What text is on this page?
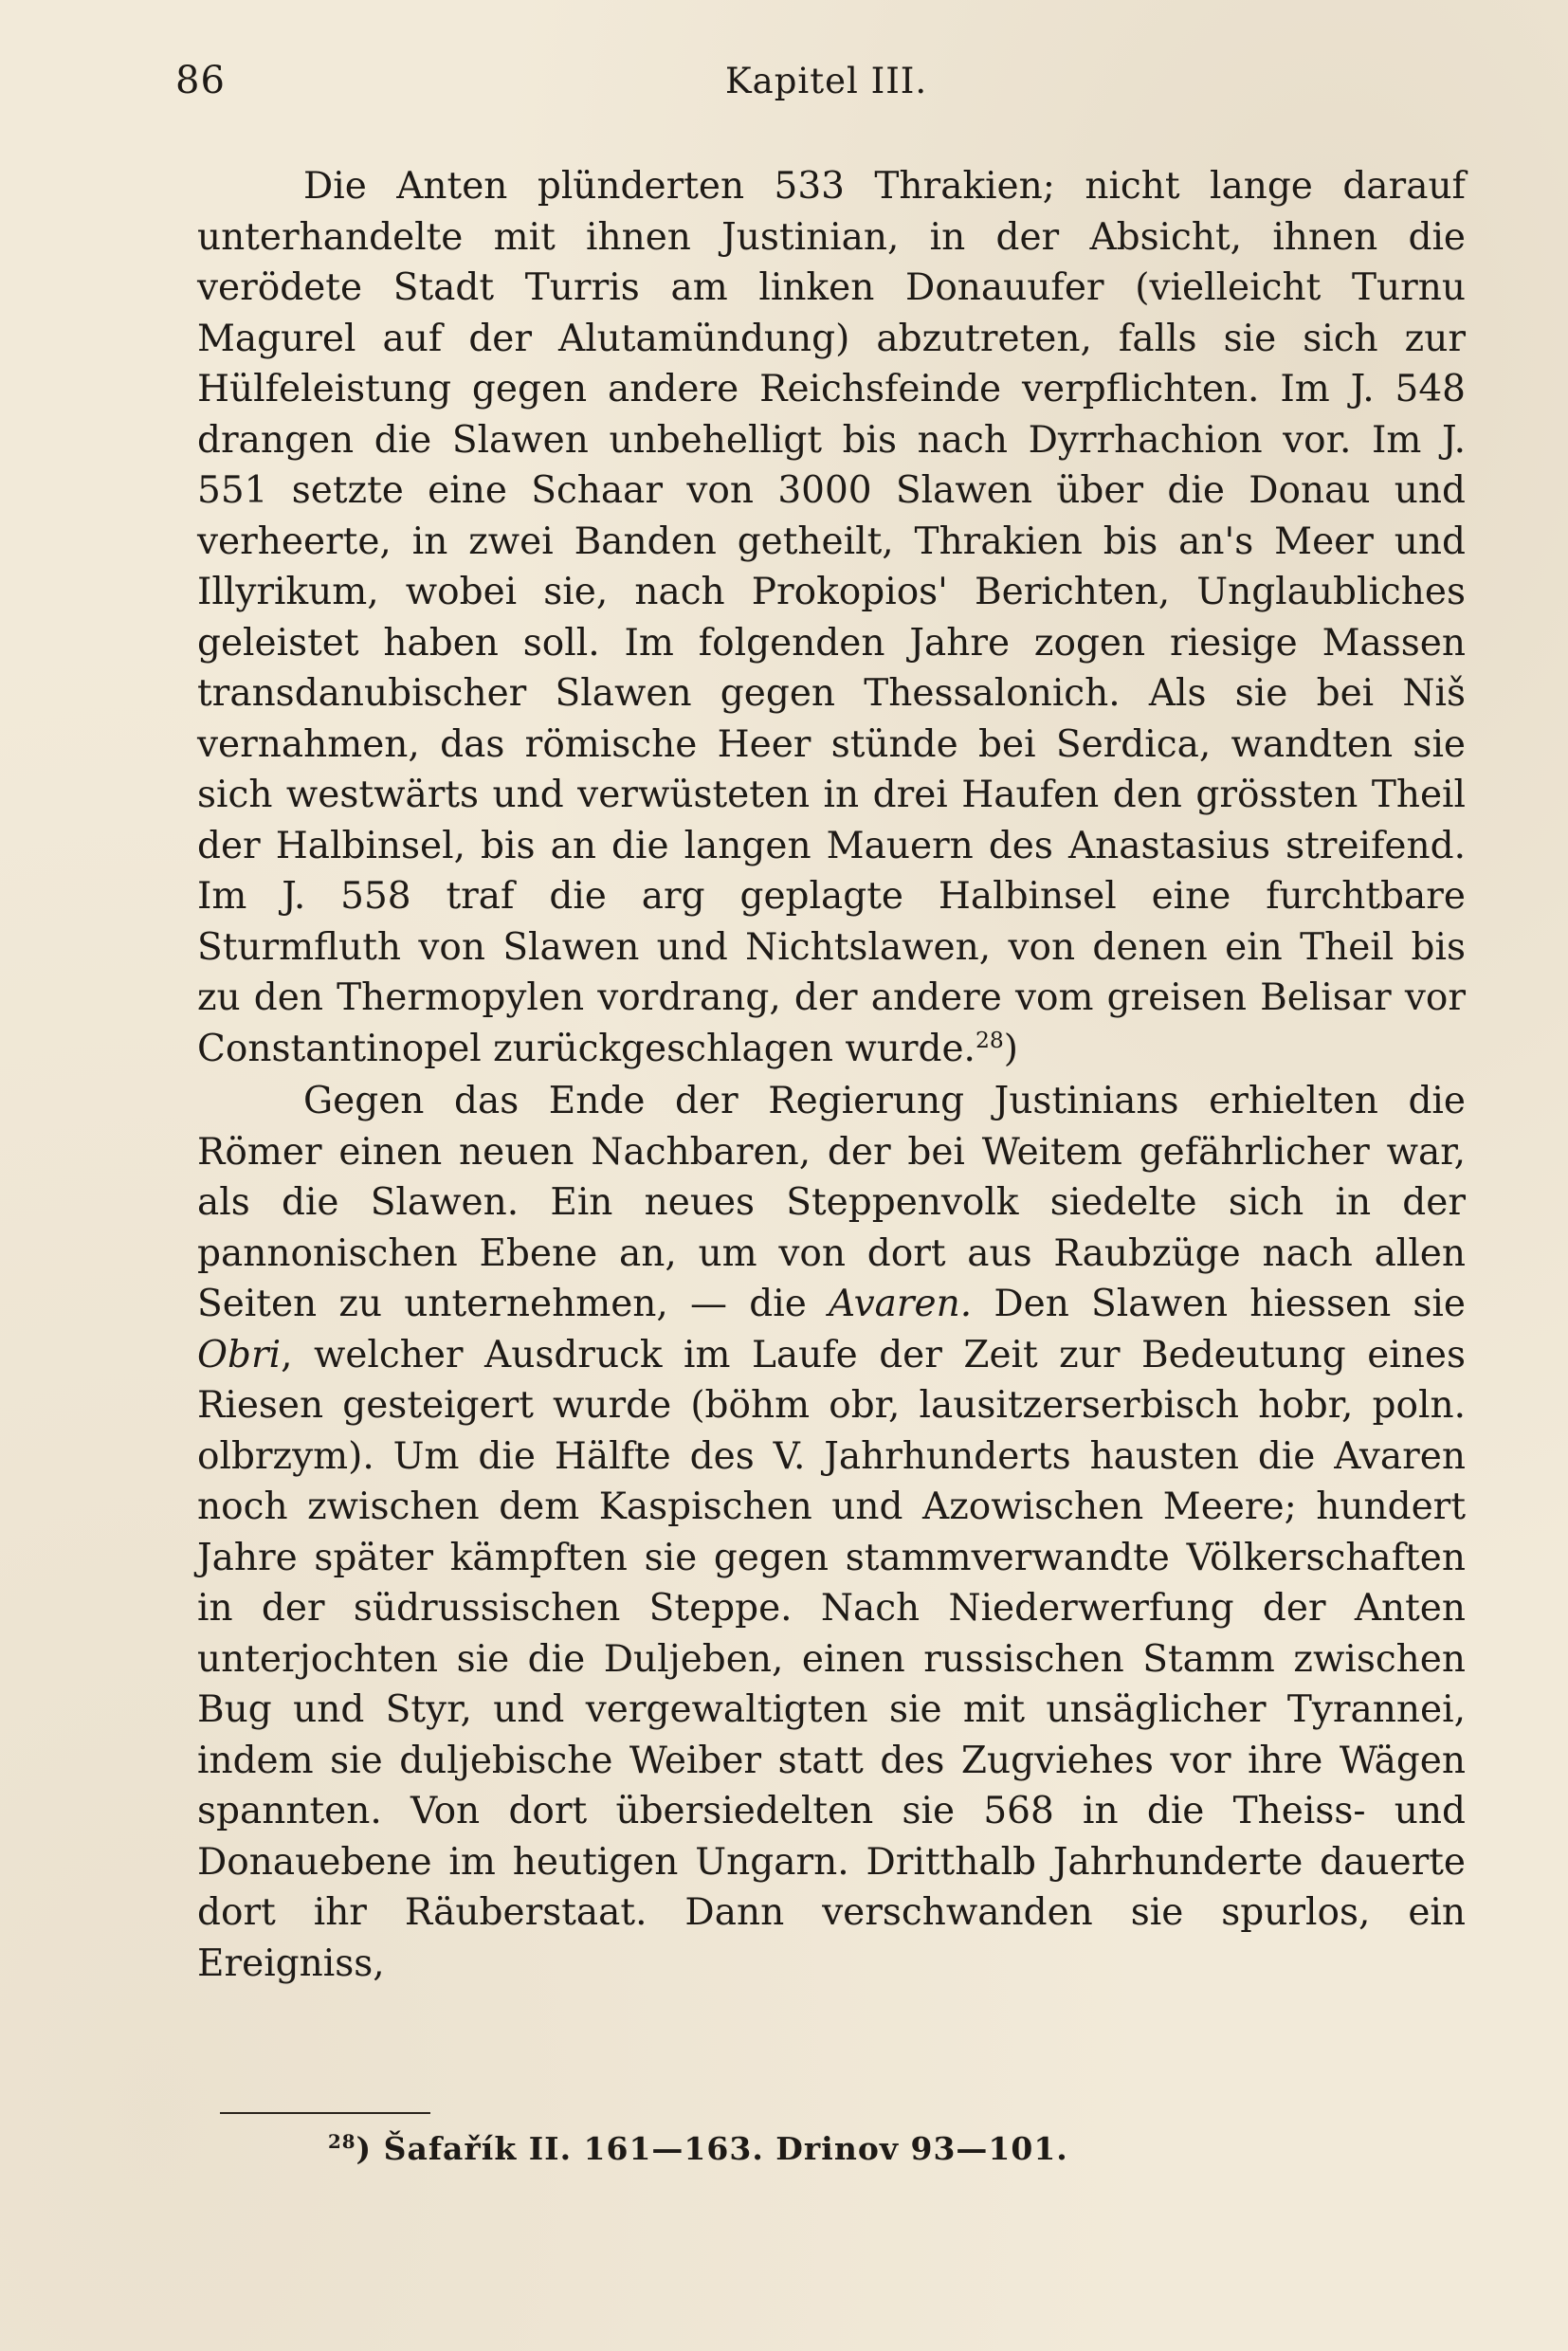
86	Kapitel III.

Die Anten plünderten 533 Thrakien; nicht lange darauf unterhandelte mit ihnen Justinian, in der Absicht, ihnen die verödete Stadt Turris am linken Donauufer (vielleicht Turnu Magurel auf der Alutamündung) abzutreten, falls sie sich zur Hülfeleistung gegen andere Reichsfeinde verpflichten. Im J. 548 drangen die Slawen unbehelligt bis nach Dyrrhachion vor. Im J. 551 setzte eine Schaar von 3000 Slawen über die Donau und verheerte, in zwei Banden getheilt, Thrakien bis an's Meer und Illyrikum, wobei sie, nach Prokopios' Berichten, Unglaubliches geleistet haben soll. Im folgenden Jahre zogen riesige Massen transdanubischer Slawen gegen Thessalonich. Als sie bei Niš vernahmen, das römische Heer stünde bei Serdica, wandten sie sich westwärts und verwüsteten in drei Haufen den grössten Theil der Halbinsel, bis an die langen Mauern des Anastasius streifend. Im J. 558 traf die arg geplagte Halbinsel eine furchtbare Sturmfluth von Slawen und Nichtslawen, von denen ein Theil bis zu den Thermopylen vordrang, der andere vom greisen Belisar vor Constantinopel zurückgeschlagen wurde.$^{28}$)

Gegen das Ende der Regierung Justinians erhielten die Römer einen neuen Nachbaren, der bei Weitem gefährlicher war, als die Slawen. Ein neues Steppenvolk siedelte sich in der pannonischen Ebene an, um von dort aus Raubzüge nach allen Seiten zu unternehmen, — die Avaren. Den Slawen hiessen sie Obri, welcher Ausdruck im Laufe der Zeit zur Bedeutung eines Riesen gesteigert wurde (böhm obr, lausitzerserbisch hobr, poln. olbrzym). Um die Hälfte des V. Jahrhunderts hausten die Avaren noch zwischen dem Kaspischen und Azowischen Meere; hundert Jahre später kämpften sie gegen stammverwandte Völkerschaften in der südrussischen Steppe. Nach Niederwerfung der Anten unterjochten sie die Duljeben, einen russischen Stamm zwischen Bug und Styr, und vergewaltigten sie mit unsäglicher Tyrannei, indem sie duljebische Weiber statt des Zugviehes vor ihre Wägen spannten. Von dort übersiedelten sie 568 in die Theiss- und Donauebene im heutigen Ungarn. Dritthalb Jahrhunderte dauerte dort ihr Räuberstaat. Dann verschwanden sie spurlos, ein Ereigniss,

$^{28}$) Šafařík II. 161—163. Drinov 93—101.
